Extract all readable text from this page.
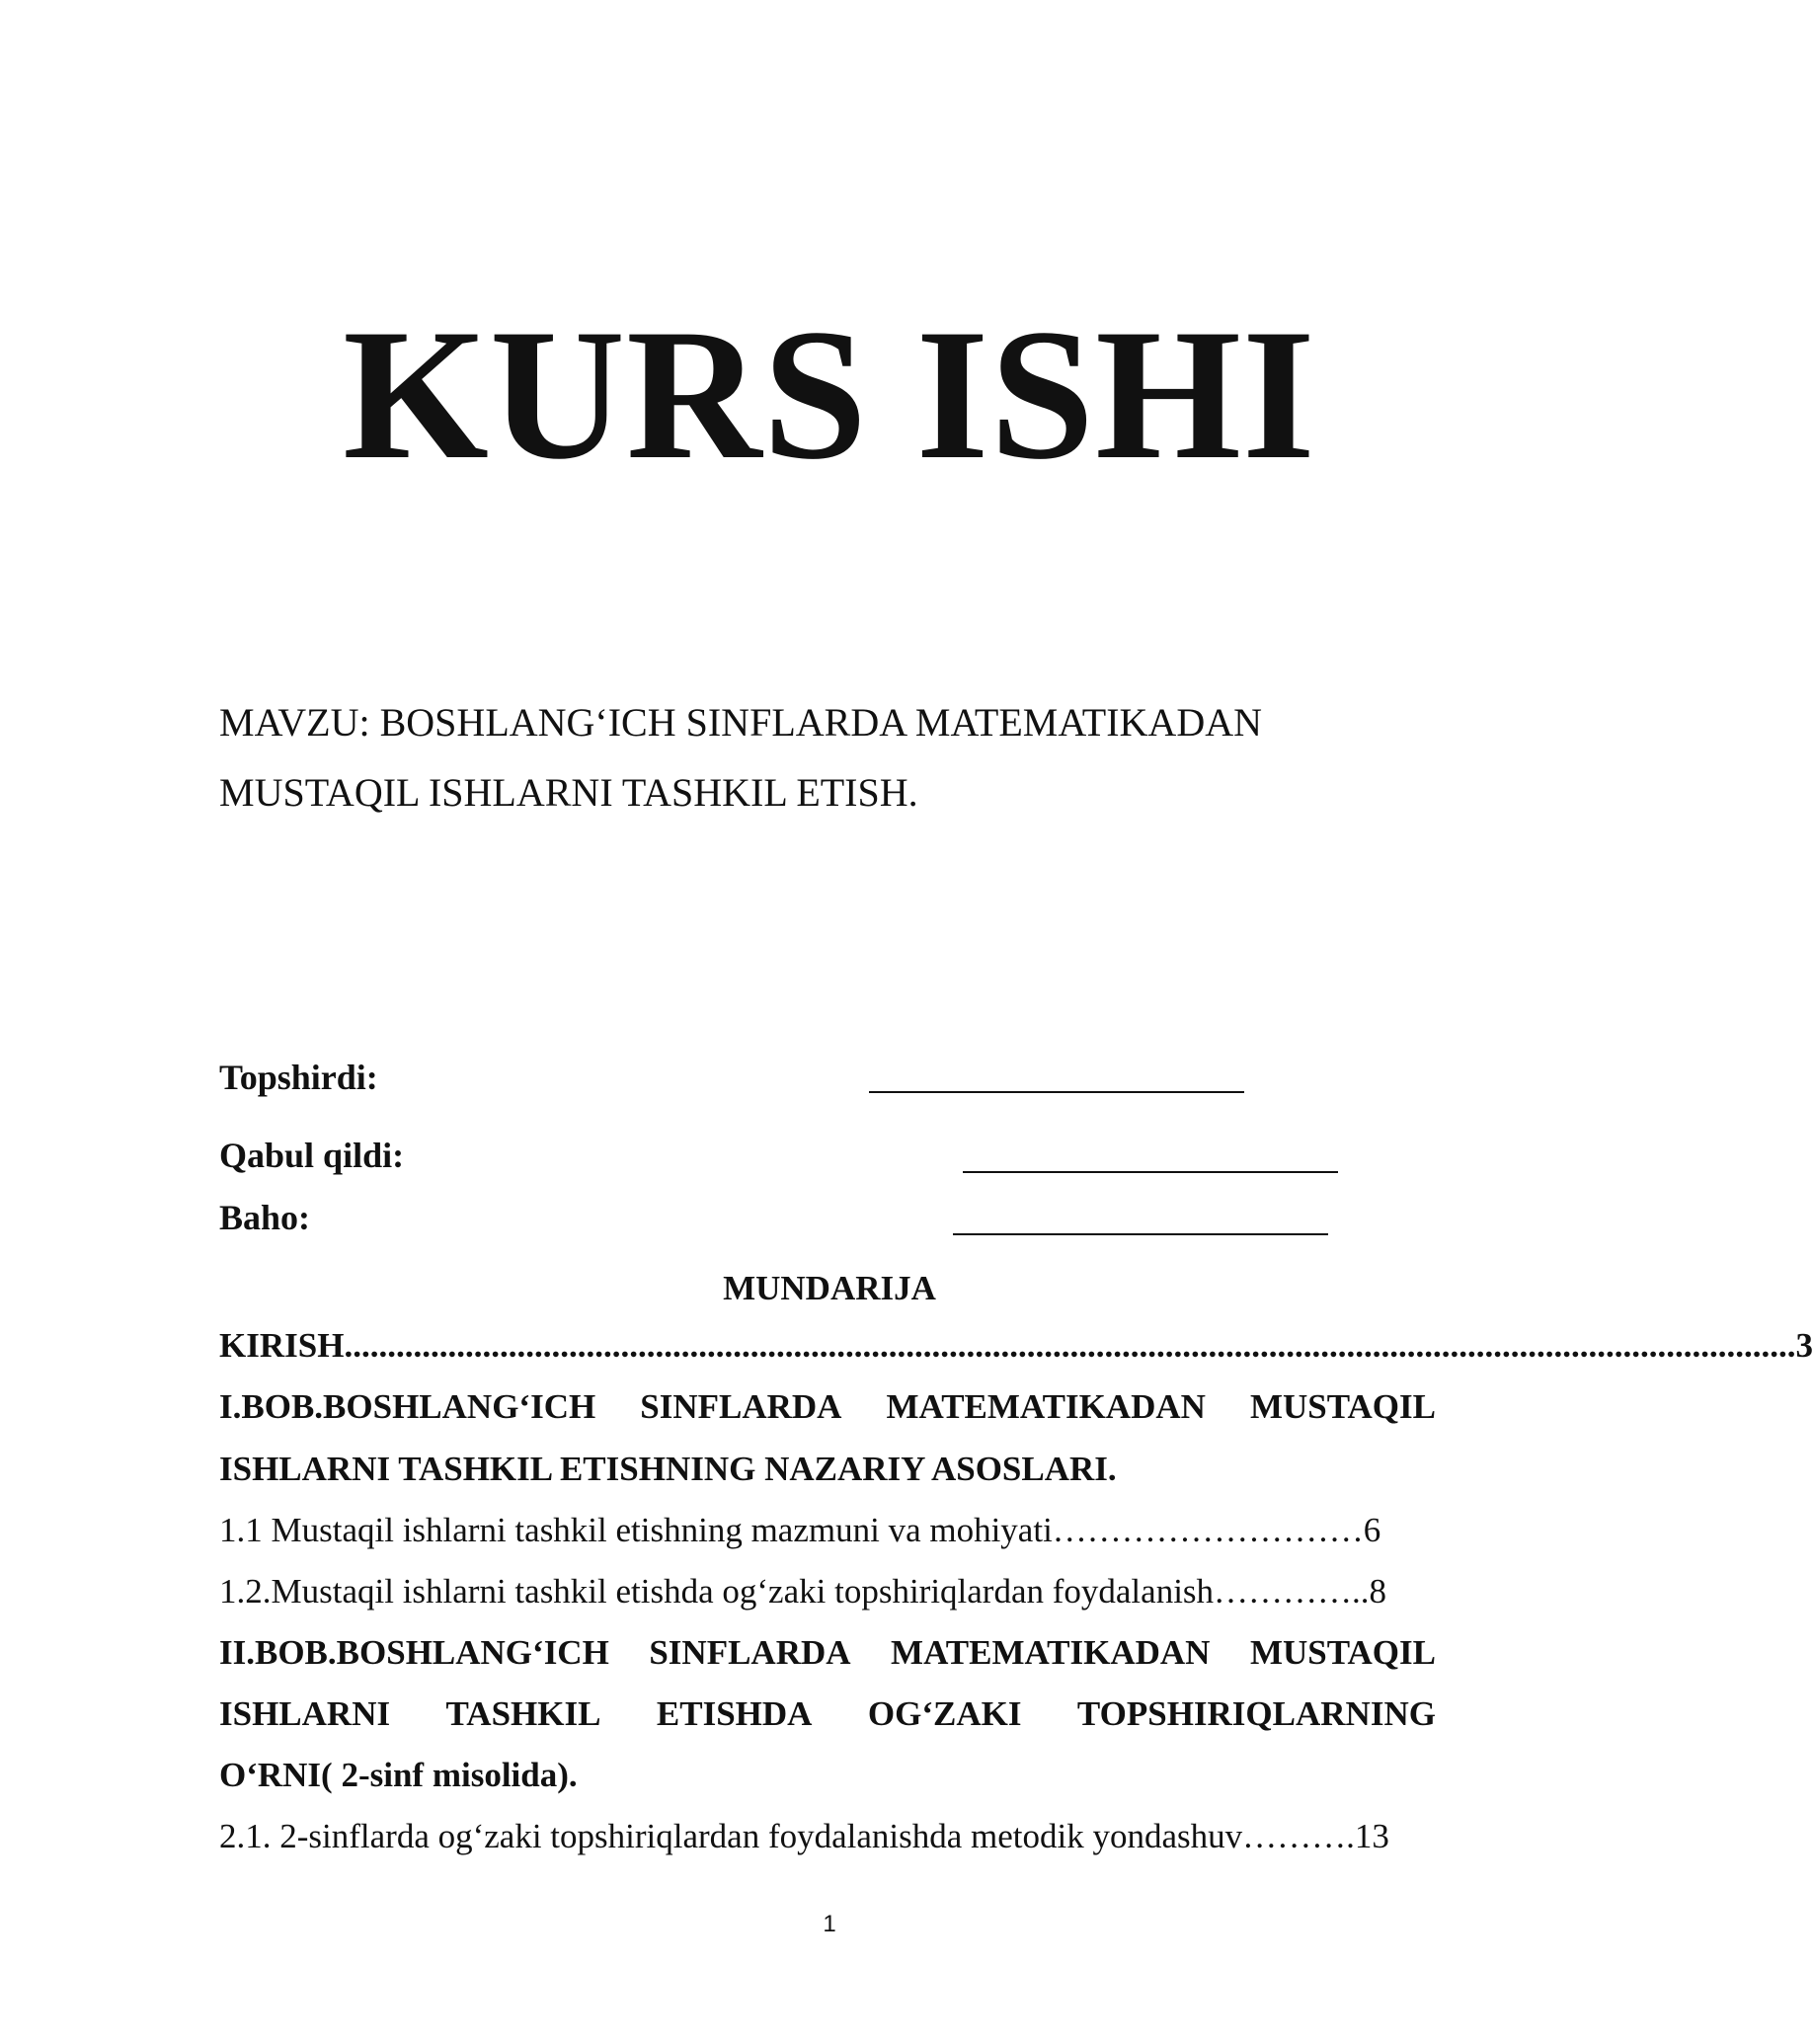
KURS ISHI
MAVZU: BOSHLANG‘ICH SINFLARDA MATEMATIKADAN
MUSTAQIL ISHLARNI TASHKIL ETISH.
Topshirdi:
Qabul qildi:
Baho:
MUNDARIJA
KIRISH ........................................................................................................................................................................ 3
I.BOB.BOSHLANG‘ICH SINFLARDA MATEMATIKADAN MUSTAQIL
ISHLARNI TASHKIL ETISHNING NAZARIY ASOSLARI.
1.1 Mustaqil ishlarni tashkil etishning mazmuni va mohiyati ……………………… 6
1.2.Mustaqil ishlarni tashkil etishda og‘zaki topshiriqlardan foydalanish ………….. 8
II.BOB.BOSHLANG‘ICH SINFLARDA MATEMATIKADAN MUSTAQIL
ISHLARNI TASHKIL ETISHDA OG‘ZAKI TOPSHIRIQLARNING
O‘RNI( 2-sinf misolida).
2.1. 2-sinflarda og‘zaki topshiriqlardan foydalanishda metodik yondashuv ………. 13
1
